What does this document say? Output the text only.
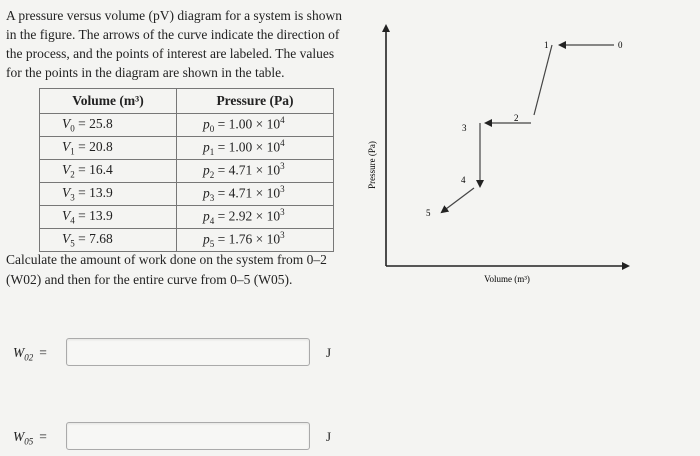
A pressure versus volume (pV) diagram for a system is shown in the figure. The arrows of the curve indicate the direction of the process, and the points of interest are labeled. The values for the points in the diagram are shown in the table.
Volume (m³)	Pressure (Pa)
$V_0 = 25.8$	$p_0 = 1.00 \times 10^4$
$V_1 = 20.8$	$p_1 = 1.00 \times 10^4$
$V_2 = 16.4$	$p_2 = 4.71 \times 10^3$
$V_3 = 13.9$	$p_3 = 4.71 \times 10^3$
$V_4 = 13.9$	$p_4 = 2.92 \times 10^3$
$V_5 = 7.68$	$p_5 = 1.76 \times 10^3$
Calculate the amount of work done on the system from 0–2 (W02) and then for the entire curve from 0–5 (W05).
$W_{02}$ =	J
$W_{05}$ =	J
Pressure (Pa)
Volume (m³)
0
1
2
3
4
5
